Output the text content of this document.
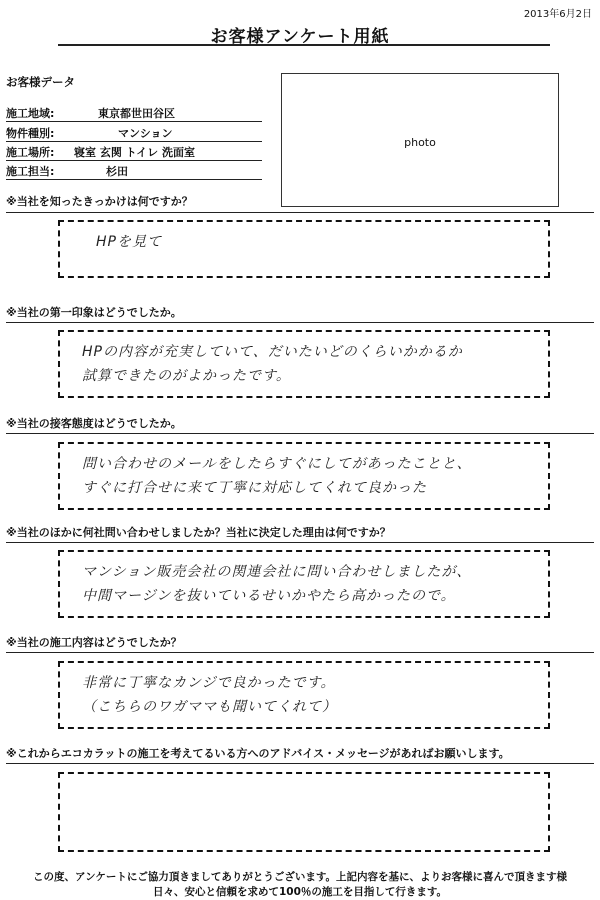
2013年6月2日
お客様アンケート用紙
お客様データ
施工地域:	東京都世田谷区
物件種別:	マンション
施工場所: 寝室 玄関 トイレ 洗面室
施工担当:	杉田
photo
※当社を知ったきっかけは何ですか？
HPを見て
※当社の第一印象はどうでしたか。
HPの内容が充実していて、だいたいどのくらいかかるか
試算できたのがよかったです。
※当社の接客態度はどうでしたか。
問い合わせのメールをしたらすぐにしてがあったことと、
すぐに打合せに来て丁寧に対応してくれて良かった
※当社のほかに何社問い合わせしましたか？当社に決定した理由は何ですか？
マンション販売会社の関連会社に問い合わせしましたが、
中間マージンを抜いているせいかやたら高かったので。
※当社の施工内容はどうでしたか？
非常に丁寧なカンジで良かったです。
（こちらのワガママも聞いてくれて）
※これからエコカラットの施工を考えてるいる方へのアドバイス・メッセージがあればお願いします。
この度、アンケートにご協力頂きましてありがとうございます。上記内容を基に、よりお客様に喜んで頂きます様
日々、安心と信頼を求めて100％の施工を目指して行きます。
